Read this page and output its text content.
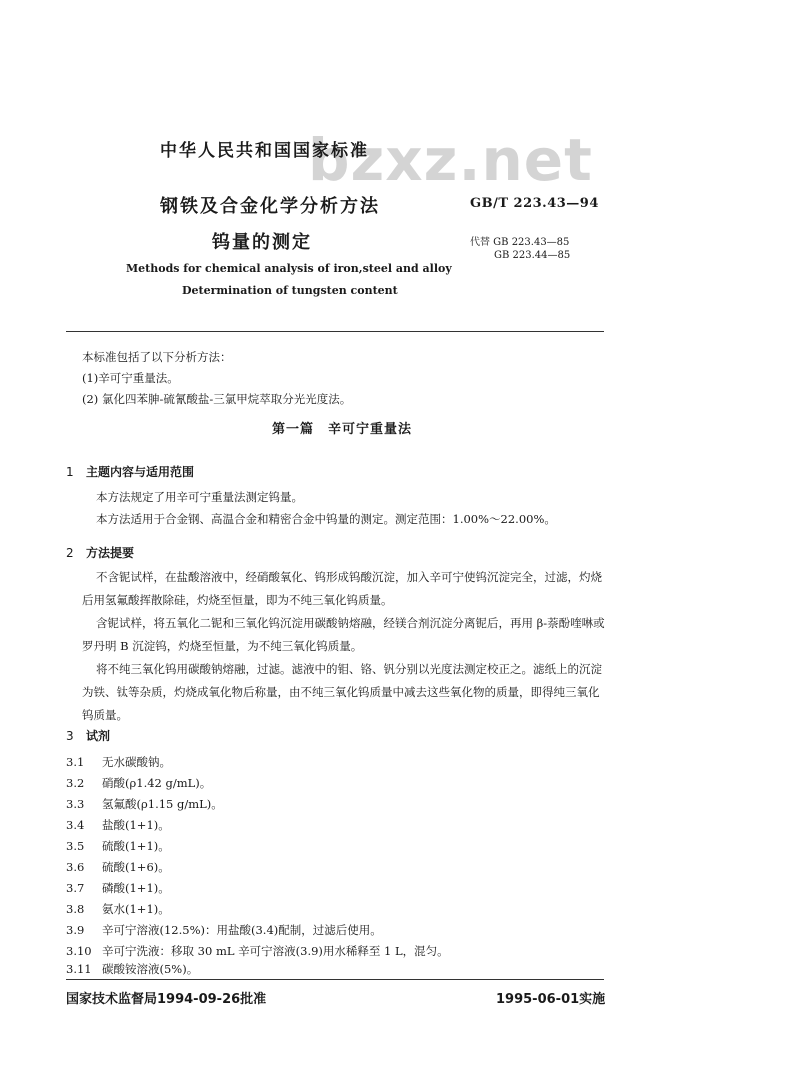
bzxz.net
中华人民共和国国家标准
钢铁及合金化学分析方法
钨量的测定
GB/T 223.43—94
代替 GB 223.43—85
GB 223.44—85
Methods for chemical analysis of iron,steel and alloy
Determination of tungsten content
本标准包括了以下分析方法：
(1)辛可宁重量法。
(2) 氯化四苯胂-硫氰酸盐-三氯甲烷萃取分光光度法。
第一篇　辛可宁重量法
1 主题内容与适用范围
本方法规定了用辛可宁重量法测定钨量。
本方法适用于合金钢、高温合金和精密合金中钨量的测定。测定范围：1.00%～22.00%。
2 方法提要
不含铌试样，在盐酸溶液中，经硝酸氧化、钨形成钨酸沉淀，加入辛可宁使钨沉淀完全，过滤，灼烧后用氢氟酸挥散除硅，灼烧至恒量，即为不纯三氧化钨质量。
含铌试样，将五氧化二铌和三氧化钨沉淀用碳酸钠熔融，经镁合剂沉淀分离铌后，再用 β-萘酚喹啉或罗丹明 B 沉淀钨，灼烧至恒量，为不纯三氧化钨质量。
将不纯三氧化钨用碳酸钠熔融，过滤。滤液中的钼、铬、钒分别以光度法测定校正之。滤纸上的沉淀为铁、钛等杂质，灼烧成氧化物后称量，由不纯三氧化钨质量中减去这些氧化物的质量，即得纯三氧化钨质量。
3 试剂
3.1 无水碳酸钠。
3.2 硝酸(ρ1.42 g/mL)。
3.3 氢氟酸(ρ1.15 g/mL)。
3.4 盐酸(1+1)。
3.5 硫酸(1+1)。
3.6 硫酸(1+6)。
3.7 磷酸(1+1)。
3.8 氨水(1+1)。
3.9 辛可宁溶液(12.5%)：用盐酸(3.4)配制，过滤后使用。
3.10 辛可宁洗液：移取 30 mL 辛可宁溶液(3.9)用水稀释至 1 L，混匀。
3.11 碳酸铵溶液(5%)。
国家技术监督局1994-09-26批准	1995-06-01实施
